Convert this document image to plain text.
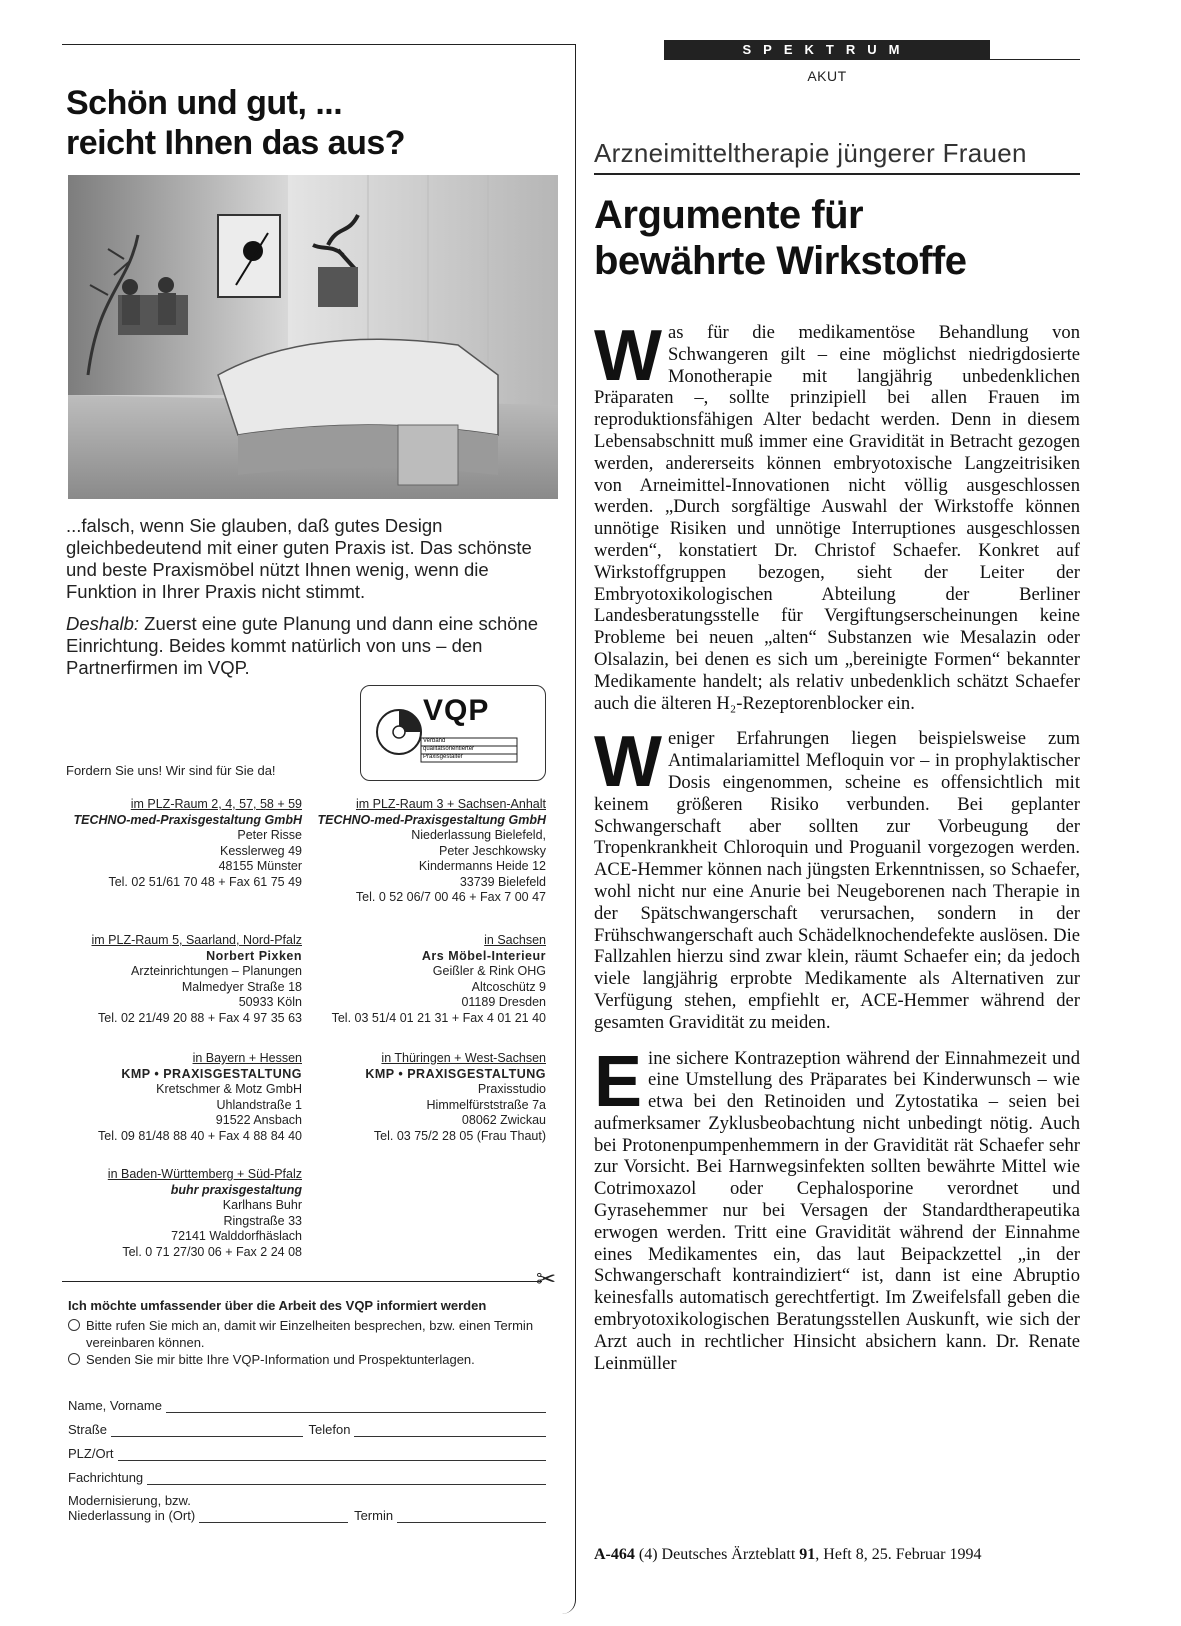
Schön und gut, ...
reicht Ihnen das aus?

...falsch, wenn Sie glauben, daß gutes Design gleichbedeutend mit einer guten Praxis ist. Das schönste und beste Praxismöbel nützt Ihnen wenig, wenn die Funktion in Ihrer Praxis nicht stimmt.

Deshalb: Zuerst eine gute Planung und dann eine schöne Einrichtung. Beides kommt natürlich von uns – den Partnerfirmen im VQP.

VQP
Verband
qualitätsorientierter
Praxisgestalter
Fordern Sie uns! Wir sind für Sie da!
im PLZ-Raum 2, 4, 57, 58 + 59
TECHNO-med-Praxisgestaltung GmbH
Peter Risse
Kesslerweg 49
48155 Münster
Tel. 02 51/61 70 48 + Fax 61 75 49
im PLZ-Raum 3 + Sachsen-Anhalt
TECHNO-med-Praxisgestaltung GmbH
Niederlassung Bielefeld,
Peter Jeschkowsky
Kindermanns Heide 12
33739 Bielefeld
Tel. 0 52 06/7 00 46 + Fax 7 00 47
im PLZ-Raum 5, Saarland, Nord-Pfalz
Norbert Pixken
Arzteinrichtungen – Planungen
Malmedyer Straße 18
50933 Köln
Tel. 02 21/49 20 88 + Fax 4 97 35 63
in Sachsen
Ars Möbel-Interieur
Geißler & Rink OHG
Altcoschütz 9
01189 Dresden
Tel. 03 51/4 01 21 31 + Fax 4 01 21 40
in Bayern + Hessen
KMP • PRAXISGESTALTUNG
Kretschmer & Motz GmbH
Uhlandstraße 1
91522 Ansbach
Tel. 09 81/48 88 40 + Fax 4 88 84 40
in Thüringen + West-Sachsen
KMP • PRAXISGESTALTUNG
Praxisstudio
Himmelfürststraße 7a
08062 Zwickau
Tel. 03 75/2 28 05 (Frau Thaut)
in Baden-Württemberg + Süd-Pfalz
buhr praxisgestaltung
Karlhans Buhr
Ringstraße 33
72141 Walddorfhäslach
Tel. 0 71 27/30 06 + Fax 2 24 08
✂
Ich möchte umfassender über die Arbeit des VQP informiert werden
Bitte rufen Sie mich an, damit wir Einzelheiten besprechen, bzw. einen Termin vereinbaren können.
Senden Sie mir bitte Ihre VQP-Information und Prospektunterlagen.
Name, Vorname
Straße	Telefon
PLZ/Ort
Fachrichtung
Modernisierung, bzw.
Niederlassung in (Ort)	Termin
SPEKTRUM
AKUT
Arzneimitteltherapie jüngerer Frauen
Argumente für
bewährte Wirkstoffe

Was für die medikamentöse Behandlung von Schwangeren gilt – eine möglichst niedrigdosierte Monotherapie mit langjährig unbedenklichen Präparaten –, sollte prinzipiell bei allen Frauen im reproduktionsfähigen Alter bedacht werden. Denn in diesem Lebensabschnitt muß immer eine Gravidität in Betracht gezogen werden, andererseits können embryotoxische Langzeitrisiken von Arneimittel-Innovationen nicht völlig ausgeschlossen werden. „Durch sorgfältige Auswahl der Wirkstoffe können unnötige Risiken und unnötige Interruptiones ausgeschlossen werden“, konstatiert Dr. Christof Schaefer. Konkret auf Wirkstoffgruppen bezogen, sieht der Leiter der Embryotoxikologischen Abteilung der Berliner Landesberatungsstelle für Vergiftungserscheinungen keine Probleme bei neuen „alten“ Substanzen wie Mesalazin oder Olsalazin, bei denen es sich um „bereinigte Formen“ bekannter Medikamente handelt; als relativ unbedenklich schätzt Schaefer auch die älteren H₂-Rezeptorenblocker ein.

Weniger Erfahrungen liegen beispielsweise zum Antimalariamittel Mefloquin vor – in prophylaktischer Dosis eingenommen, scheine es offensichtlich mit keinem größeren Risiko verbunden. Bei geplanter Schwangerschaft aber sollten zur Vorbeugung der Tropenkrankheit Chloroquin und Proguanil vorgezogen werden. ACE-Hemmer können nach jüngsten Erkenntnissen, so Schaefer, wohl nicht nur eine Anurie bei Neugeborenen nach Therapie in der Spätschwangerschaft verursachen, sondern in der Frühschwangerschaft auch Schädelknochendefekte auslösen. Die Fallzahlen hierzu sind zwar klein, räumt Schaefer ein; da jedoch viele langjährig erprobte Medikamente als Alternativen zur Verfügung stehen, empfiehlt er, ACE-Hemmer während der gesamten Gravidität zu meiden.

Eine sichere Kontrazeption während der Einnahmezeit und eine Umstellung des Präparates bei Kinderwunsch – wie etwa bei den Retinoiden und Zytostatika – seien bei aufmerksamer Zyklusbeobachtung nicht unbedingt nötig. Auch bei Protonenpumpenhemmern in der Gravidität rät Schaefer sehr zur Vorsicht. Bei Harnwegsinfekten sollten bewährte Mittel wie Cotrimoxazol oder Cephalosporine verordnet und Gyrasehemmer nur bei Versagen der Standardtherapeutika erwogen werden. Tritt eine Gravidität während der Einnahme eines Medikamentes ein, das laut Beipackzettel „in der Schwangerschaft kontraindiziert“ ist, dann ist eine Abruptio keinesfalls automatisch gerechtfertigt. Im Zweifelsfall geben die embryotoxikologischen Beratungsstellen Auskunft, wie sich der Arzt auch in rechtlicher Hinsicht absichern kann. Dr. Renate Leinmüller

A-464 (4) Deutsches Ärzteblatt 91, Heft 8, 25. Februar 1994
